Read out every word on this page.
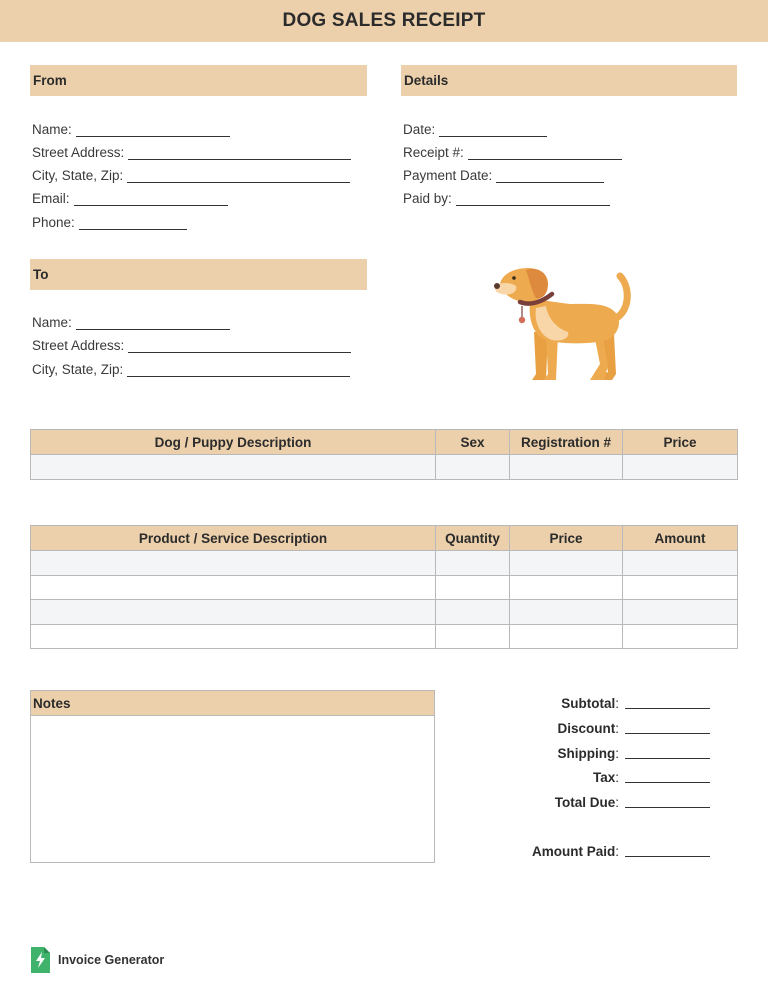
DOG SALES RECEIPT
From
Name:
Street Address:
City, State, Zip:
Email:
Phone:
Details
Date:
Receipt #:
Payment Date:
Paid by:
To
Name:
Street Address:
City, State, Zip:
Dog / Puppy Description	Sex	Registration #	Price

Product / Service Description	Quantity	Price	Amount

Notes	Subtotal :
Discount :
Shipping :
Tax :
Total Due :
Amount Paid :
Invoice Generator
